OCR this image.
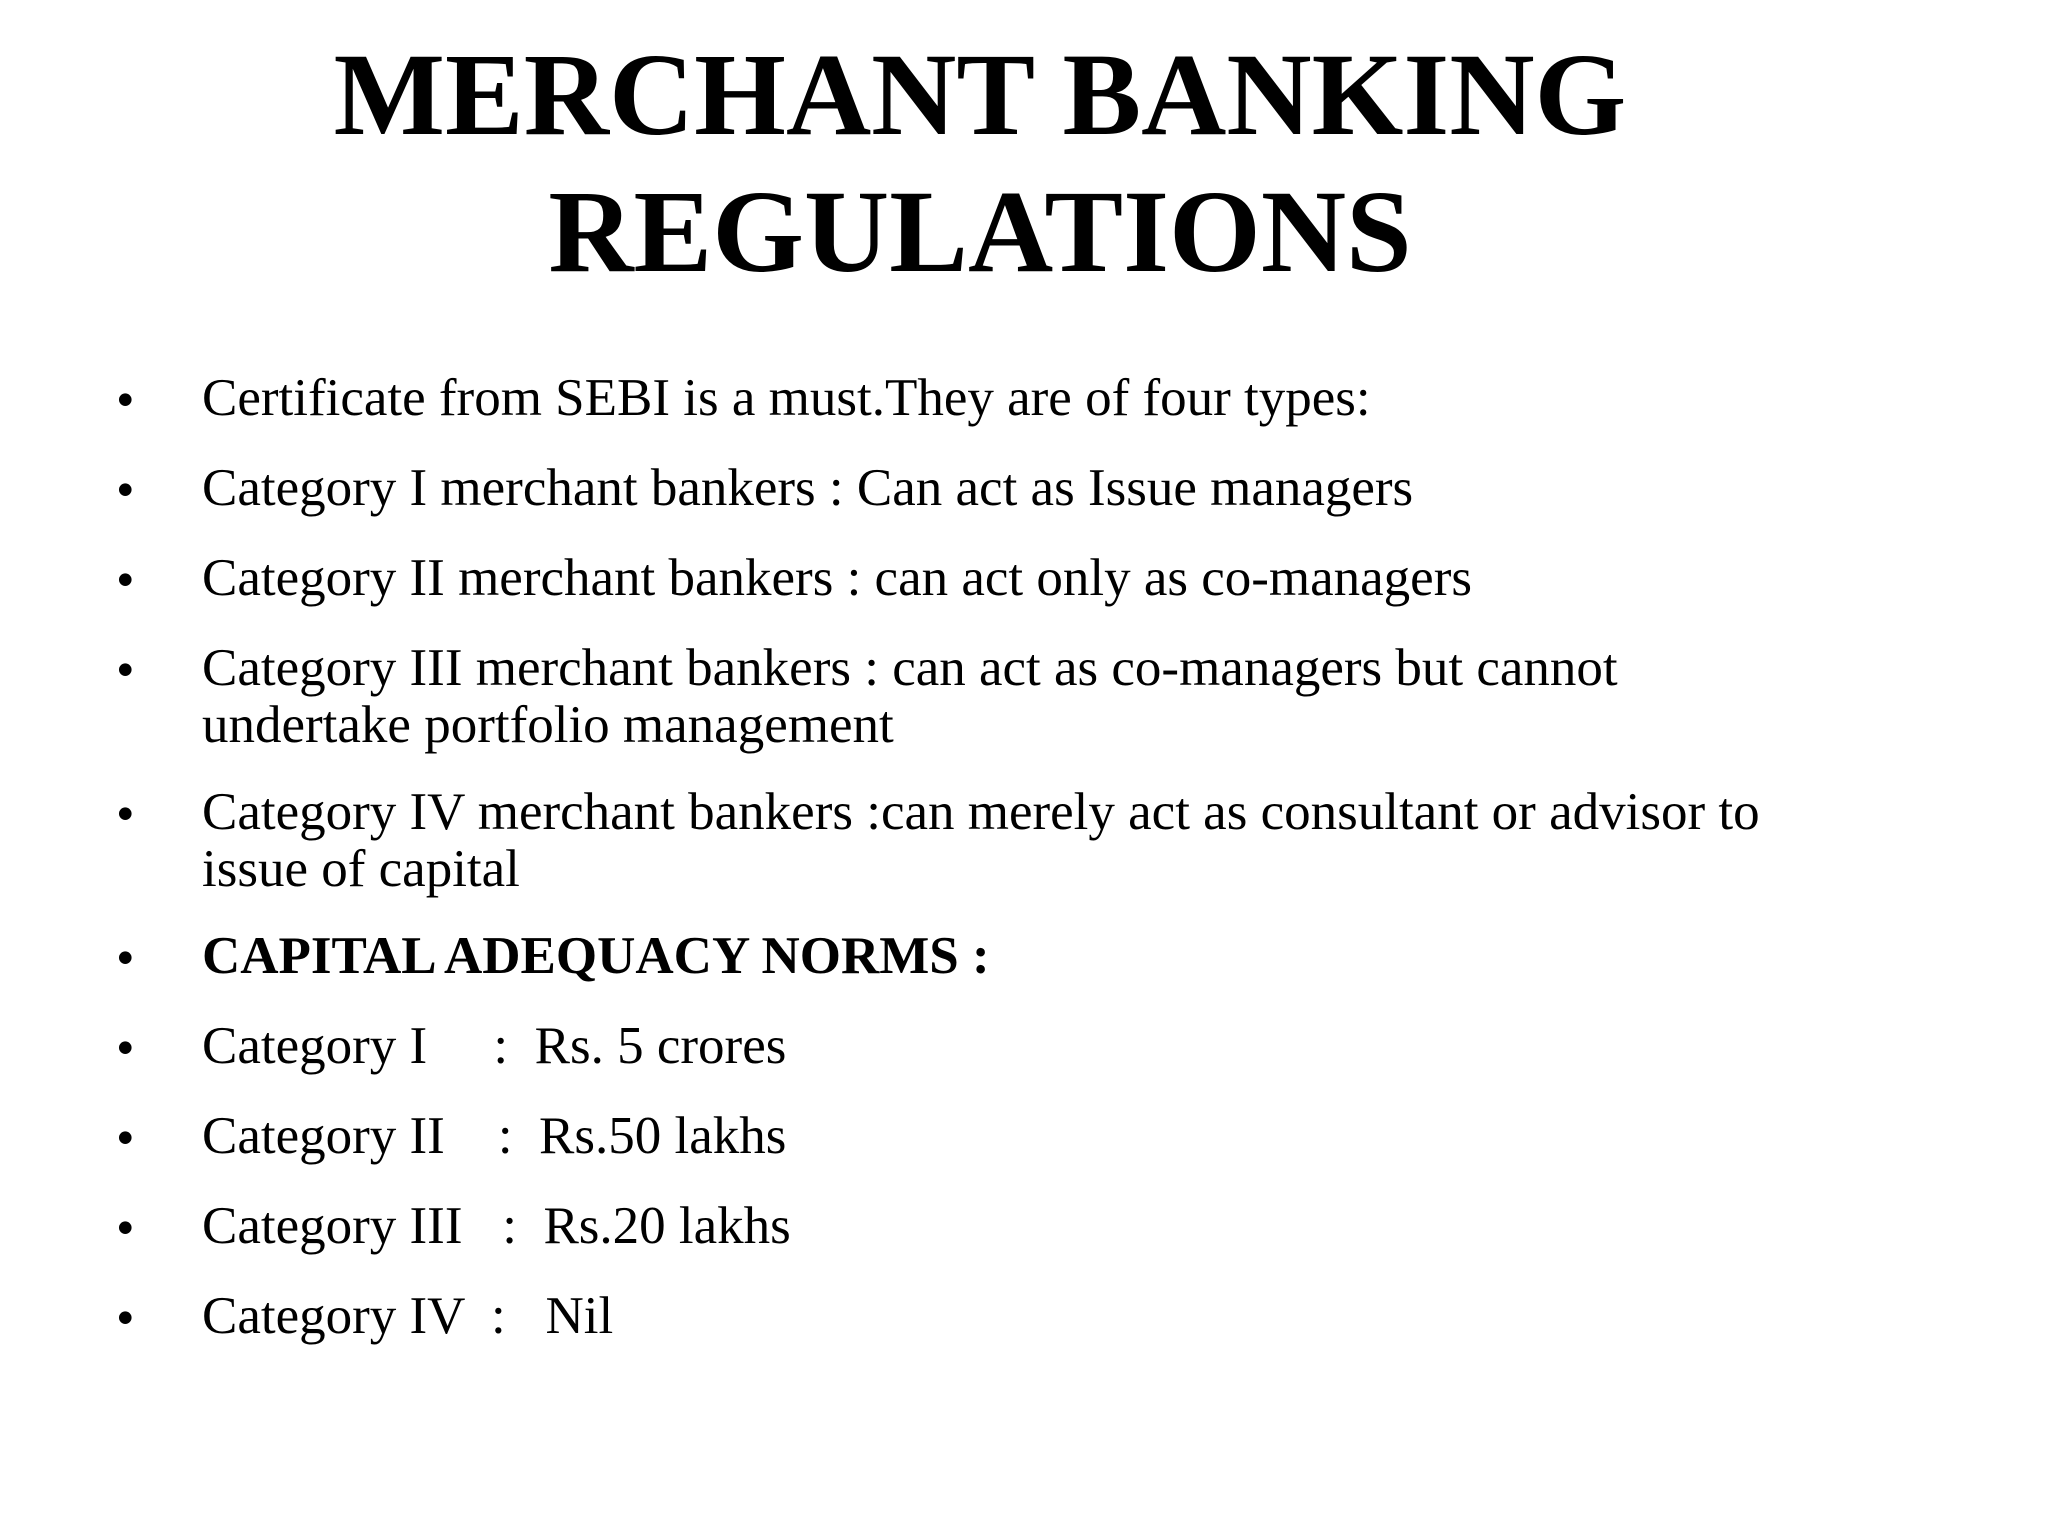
MERCHANT BANKING
REGULATIONS
• Certificate from SEBI is a must.They are of four types:
• Category I merchant bankers : Can act as Issue managers
• Category II merchant bankers : can act only as co-managers
• Category III merchant bankers : can act as co-managers but cannot
undertake portfolio management
• Category IV merchant bankers :can merely act as consultant or advisor to
issue of capital
• CAPITAL ADEQUACY NORMS :
• Category I     :  Rs. 5 crores
• Category II    :  Rs.50 lakhs
• Category III   :  Rs.20 lakhs
• Category IV  :   Nil
